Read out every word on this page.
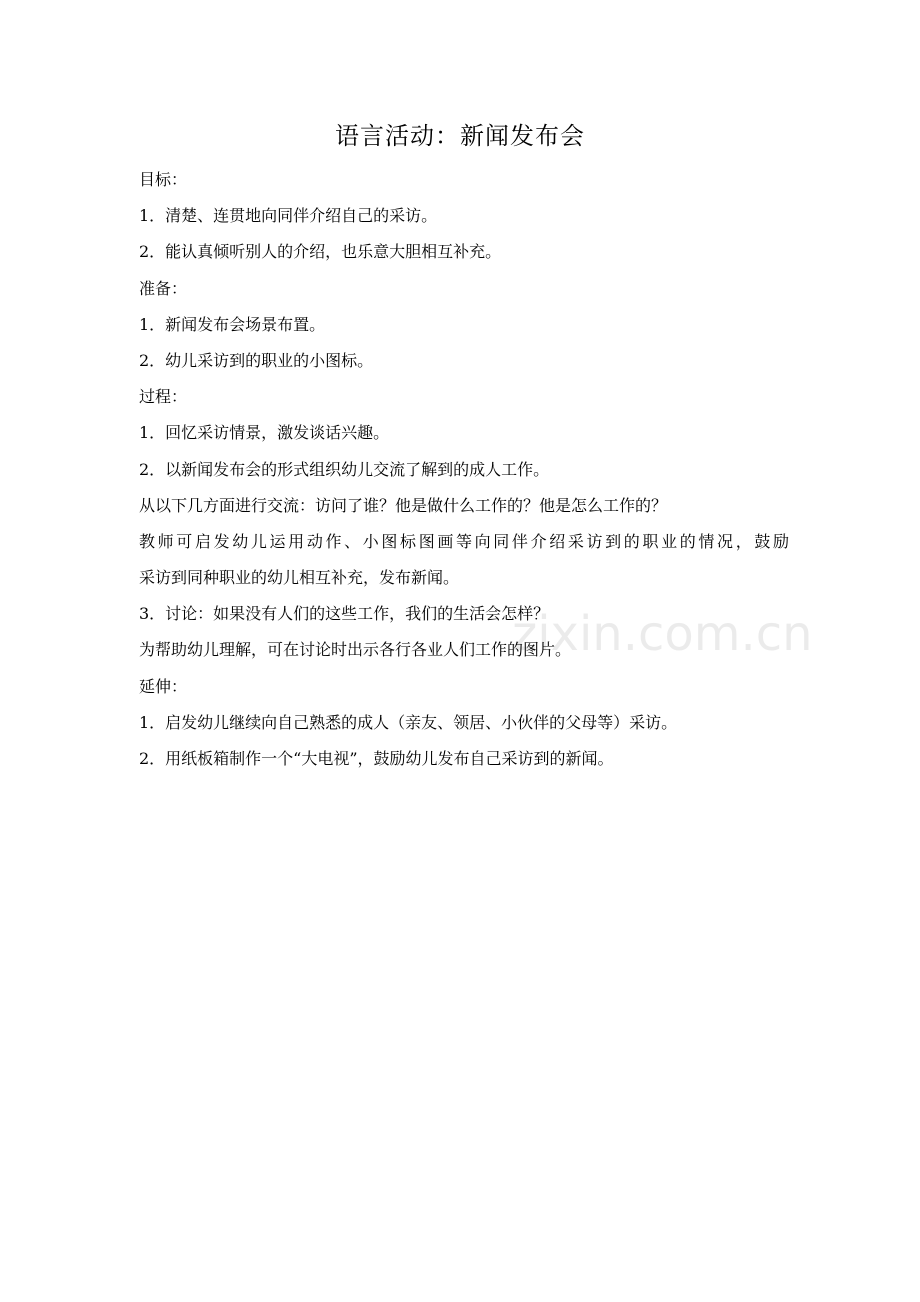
语言活动：新闻发布会
目标：
1．清楚、连贯地向同伴介绍自己的采访。
2．能认真倾听别人的介绍，也乐意大胆相互补充。
准备：
1．新闻发布会场景布置。
2．幼儿采访到的职业的小图标。
过程：
1．回忆采访情景，激发谈话兴趣。
2．以新闻发布会的形式组织幼儿交流了解到的成人工作。
从以下几方面进行交流：访问了谁？他是做什么工作的？他是怎么工作的？
教师可启发幼儿运用动作、小图标图画等向同伴介绍采访到的职业的情况，鼓励
采访到同种职业的幼儿相互补充，发布新闻。
3．讨论：如果没有人们的这些工作，我们的生活会怎样？
为帮助幼儿理解，可在讨论时出示各行各业人们工作的图片。
延伸：
1．启发幼儿继续向自己熟悉的成人（亲友、领居、小伙伴的父母等）采访。
2．用纸板箱制作一个“大电视”，鼓励幼儿发布自己采访到的新闻。
zixin.com.cn
